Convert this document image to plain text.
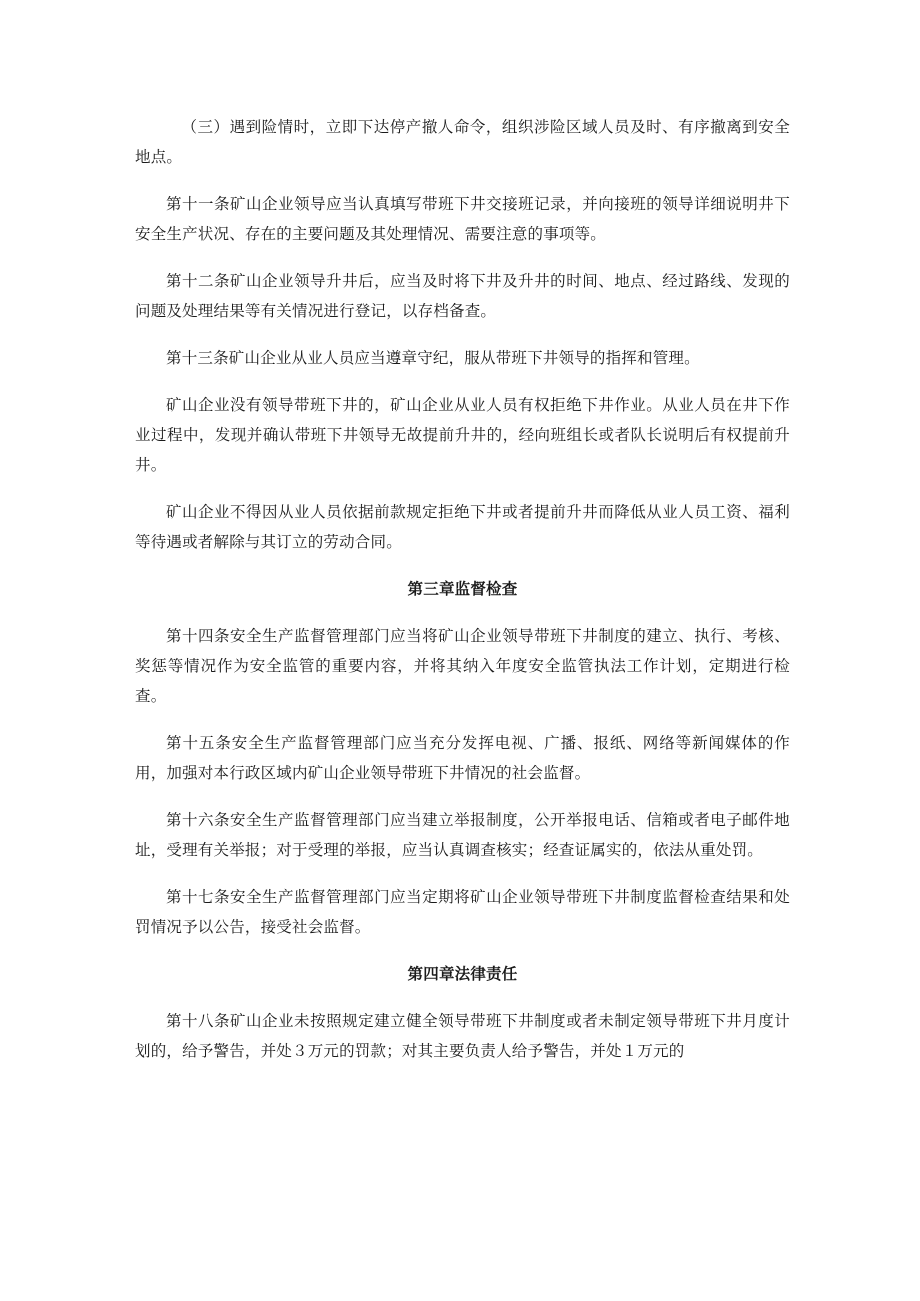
（三）遇到险情时，立即下达停产撤人命令，组织涉险区域人员及时、有序撤离到安全地点。

第十一条矿山企业领导应当认真填写带班下井交接班记录，并向接班的领导详细说明井下安全生产状况、存在的主要问题及其处理情况、需要注意的事项等。

第十二条矿山企业领导升井后，应当及时将下井及升井的时间、地点、经过路线、发现的问题及处理结果等有关情况进行登记，以存档备查。

第十三条矿山企业从业人员应当遵章守纪，服从带班下井领导的指挥和管理。

矿山企业没有领导带班下井的，矿山企业从业人员有权拒绝下井作业。从业人员在井下作业过程中，发现并确认带班下井领导无故提前升井的，经向班组长或者队长说明后有权提前升井。

矿山企业不得因从业人员依据前款规定拒绝下井或者提前升井而降低从业人员工资、福利等待遇或者解除与其订立的劳动合同。

第三章监督检查

第十四条安全生产监督管理部门应当将矿山企业领导带班下井制度的建立、执行、考核、奖惩等情况作为安全监管的重要内容，并将其纳入年度安全监管执法工作计划，定期进行检查。

第十五条安全生产监督管理部门应当充分发挥电视、广播、报纸、网络等新闻媒体的作用，加强对本行政区域内矿山企业领导带班下井情况的社会监督。

第十六条安全生产监督管理部门应当建立举报制度，公开举报电话、信箱或者电子邮件地址，受理有关举报；对于受理的举报，应当认真调查核实；经查证属实的，依法从重处罚。

第十七条安全生产监督管理部门应当定期将矿山企业领导带班下井制度监督检查结果和处罚情况予以公告，接受社会监督。

第四章法律责任

第十八条矿山企业未按照规定建立健全领导带班下井制度或者未制定领导带班下井月度计划的，给予警告，并处３万元的罚款；对其主要负责人给予警告，并处１万元的
